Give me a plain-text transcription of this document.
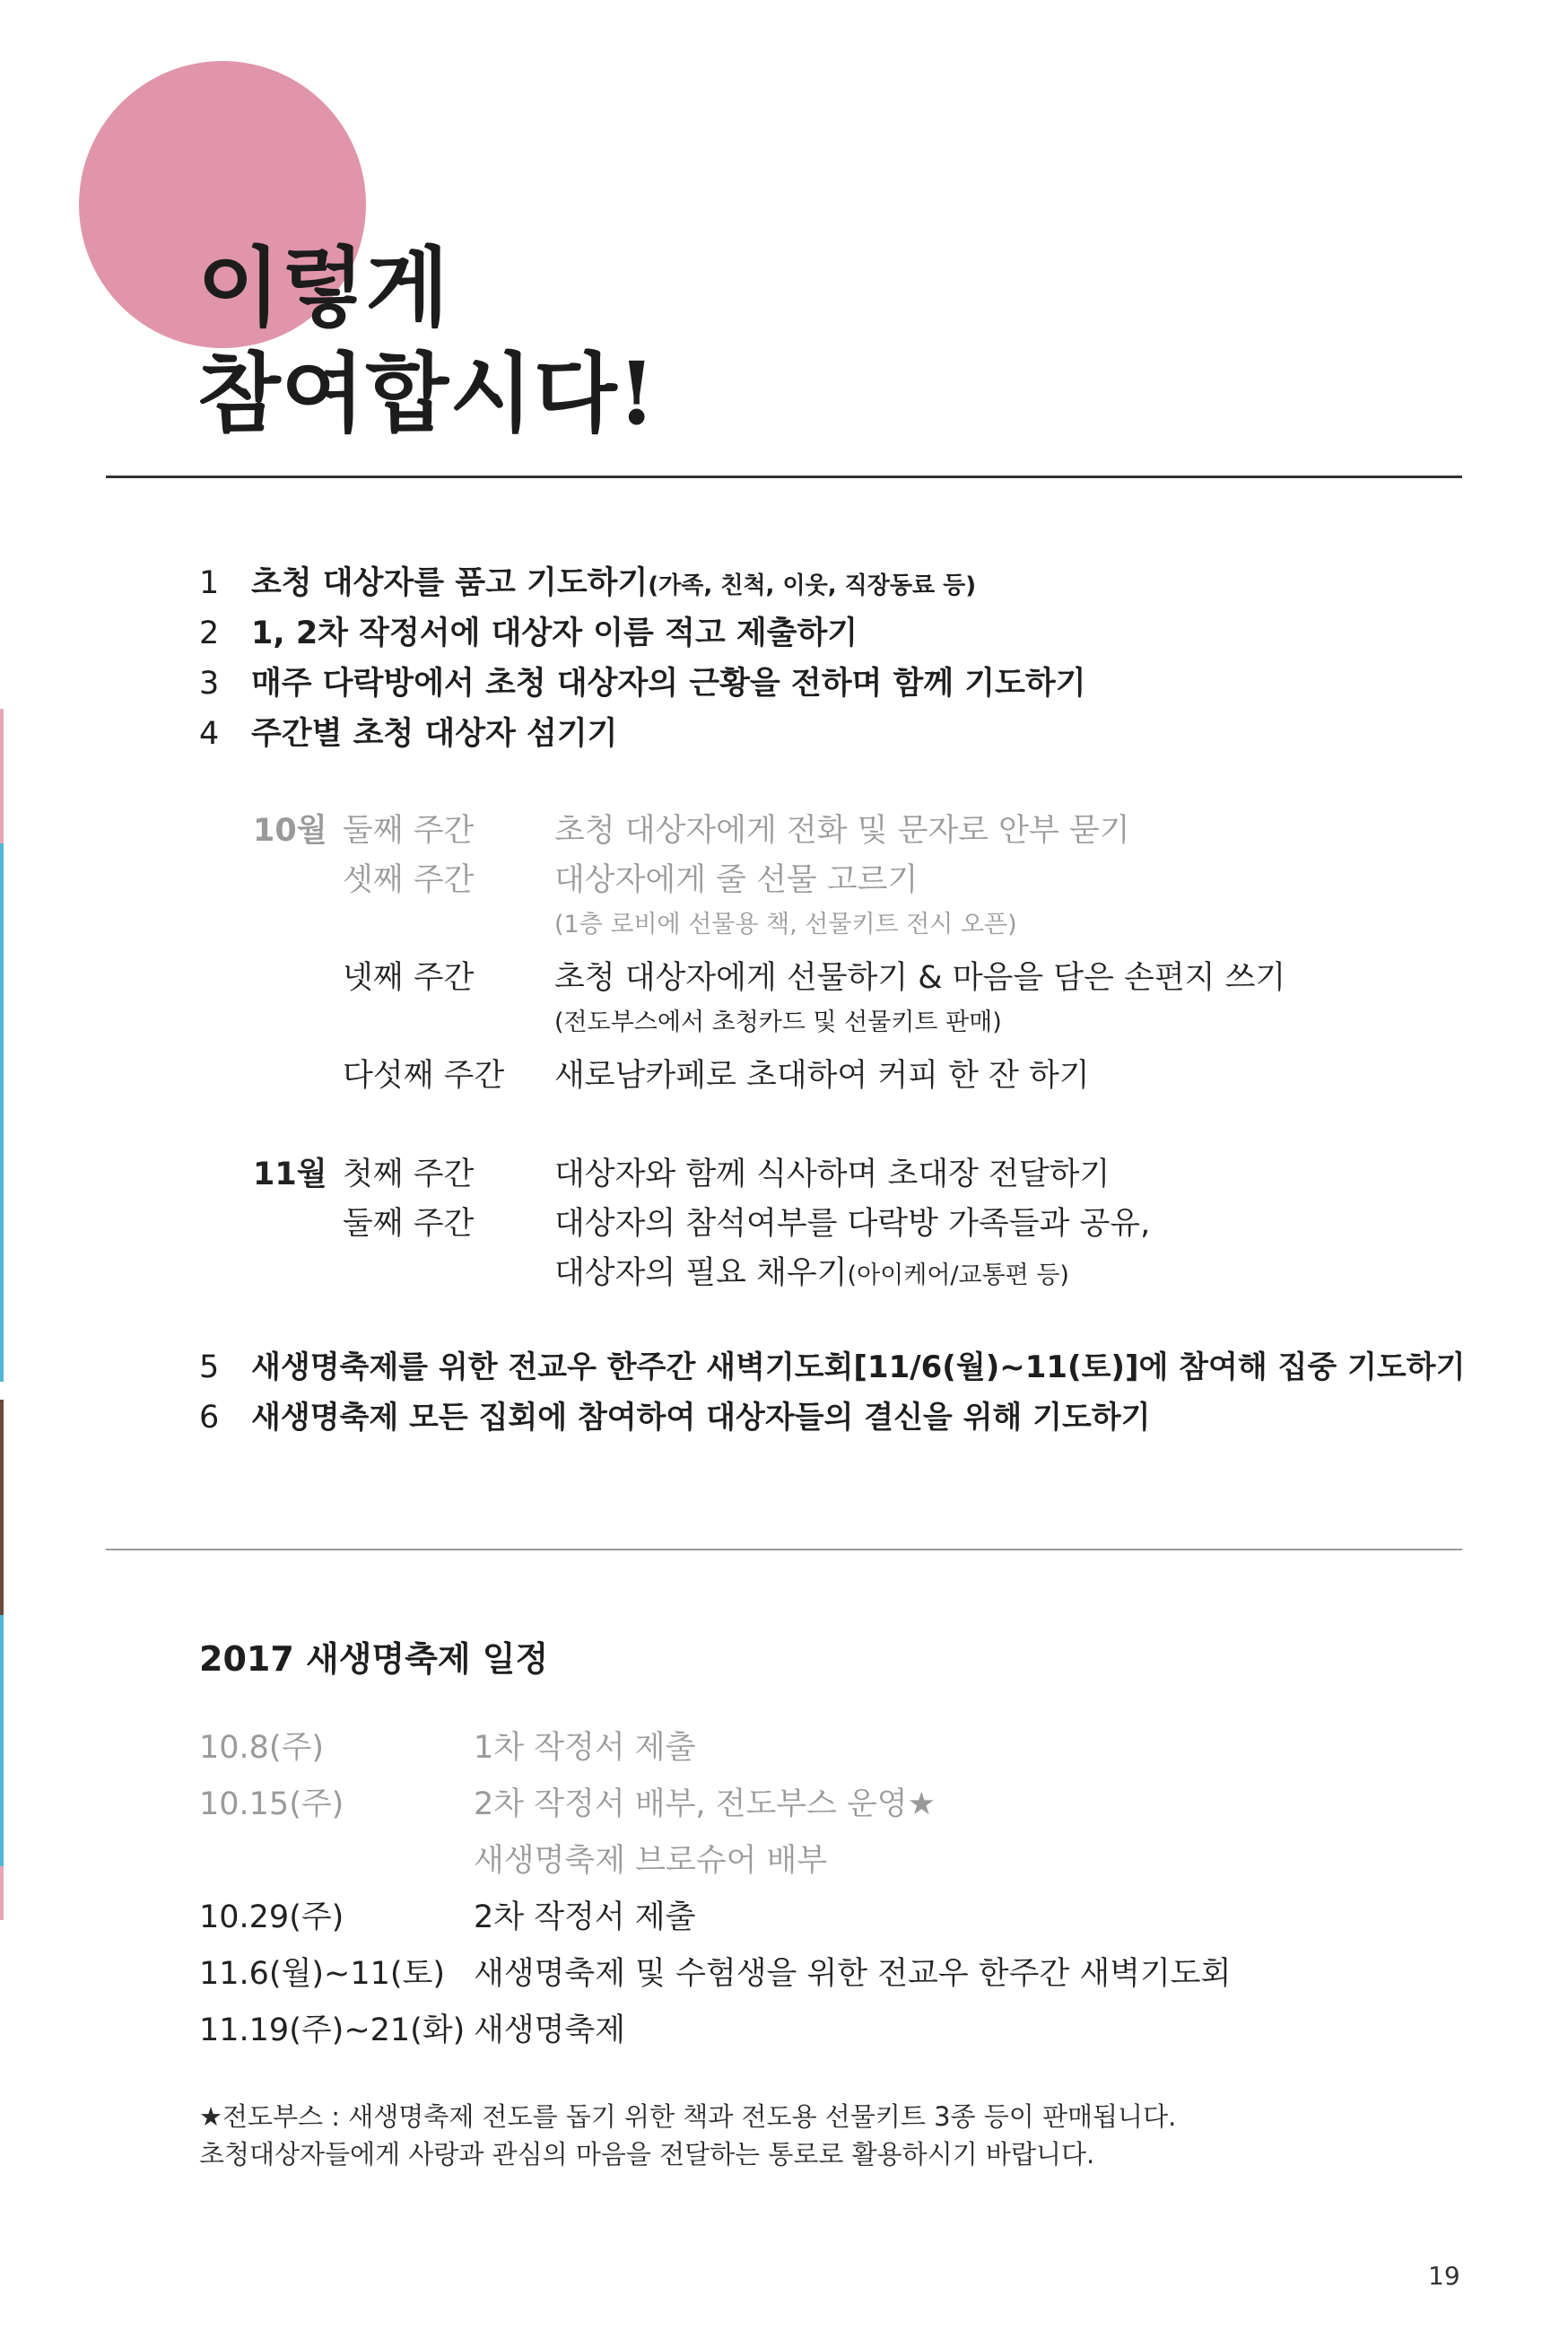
이렇게
참여합시다!
1	초청 대상자를 품고 기도하기 (가족, 친척, 이웃, 직장동료 등)
2	1, 2차 작정서에 대상자 이름 적고 제출하기
3	매주 다락방에서 초청 대상자의 근황을 전하며 함께 기도하기
4	주간별 초청 대상자 섬기기
10월 둘째 주간	초청 대상자에게 전화 및 문자로 안부 묻기
셋째 주간	대상자에게 줄 선물 고르기
(1층 로비에 선물용 책, 선물키트 전시 오픈)
넷째 주간	초청 대상자에게 선물하기 & 마음을 담은 손편지 쓰기
(전도부스에서 초청카드 및 선물키트 판매)
다섯째 주간	새로남카페로 초대하여 커피 한 잔 하기
11월 첫째 주간	대상자와 함께 식사하며 초대장 전달하기
둘째 주간	대상자의 참석여부를 다락방 가족들과 공유,
대상자의 필요 채우기(아이케어/교통편 등)
5	새생명축제를 위한 전교우 한주간 새벽기도회[11/6(월)~11(토)]에 참여해 집중 기도하기
6	새생명축제 모든 집회에 참여하여 대상자들의 결신을 위해 기도하기
2017 새생명축제 일정
10.8(주)	1차 작정서 제출
10.15(주)	2차 작정서 배부, 전도부스 운영★
새생명축제 브로슈어 배부
10.29(주)	2차 작정서 제출
11.6(월)~11(토) 새생명축제 및 수험생을 위한 전교우 한주간 새벽기도회
11.19(주)~21(화) 새생명축제
★전도부스 : 새생명축제 전도를 돕기 위한 책과 전도용 선물키트 3종 등이 판매됩니다.
초청대상자들에게 사랑과 관심의 마음을 전달하는 통로로 활용하시기 바랍니다.
19
